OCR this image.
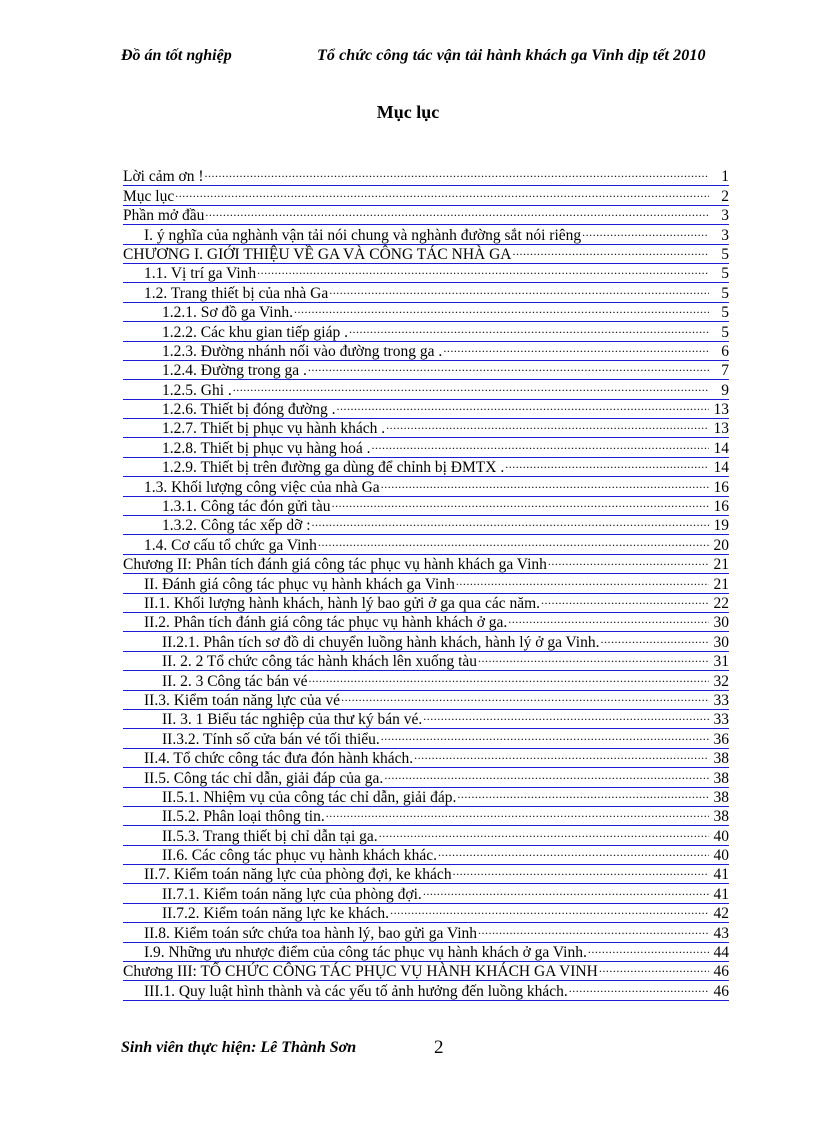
Đồ án tốt nghiệp	Tổ chức công tác vận tải hành khách ga Vinh dịp tết 2010
Mục lục
Lời cảm ơn ! .....	1
Mục lục .....	2
Phần mở đầu .....	3
I. ý nghĩa của nghành vận tải nói chung và nghành đường sắt nói riêng .....	3
CHƯƠNG I. GIỚI THIỆU VỀ GA VÀ CÔNG TÁC NHÀ GA .....	5
1.1. Vị trí ga Vinh .....	5
1.2. Trang thiết bị của nhà Ga .....	5
1.2.1. Sơ đồ ga Vinh. .....	5
1.2.2. Các khu gian tiếp giáp . .....	5
1.2.3. Đường nhánh nối vào đường trong ga . .....	6
1.2.4. Đường trong ga . .....	7
1.2.5. Ghi . .....	9
1.2.6. Thiết bị đóng đường . .....	13
1.2.7. Thiết bị phục vụ hành khách . .....	13
1.2.8. Thiết bị phục vụ hàng hoá . .....	14
1.2.9. Thiết bị trên đường ga dùng để chỉnh bị ĐMTX . .....	14
1.3. Khối lượng công việc của nhà Ga .....	16
1.3.1. Công tác đón gửi tàu .....	16
1.3.2. Công tác xếp dỡ : .....	19
1.4. Cơ cấu tổ chức ga Vinh .....	20
Chương II: Phân tích đánh giá công tác phục vụ hành khách ga Vinh .....	21
II. Đánh giá công tác phục vụ hành khách ga Vinh .....	21
II.1. Khối lượng hành khách, hành lý bao gửi ở ga qua các năm. .....	22
II.2. Phân tích đánh giá công tác phục vụ hành khách ở ga. .....	30
II.2.1. Phân tích sơ đồ di chuyển luồng hành khách, hành lý ở ga Vinh. .....	30
II. 2. 2 Tổ chức công tác hành khách lên xuống tàu .....	31
II. 2. 3 Công tác bán vé .....	32
II.3. Kiểm toán năng lực của vé .....	33
II. 3. 1 Biểu tác nghiệp của thư ký bán vé. .....	33
II.3.2. Tính số cửa bán vé tối thiểu. .....	36
II.4. Tổ chức công tác đưa đón hành khách. .....	38
II.5. Công tác chỉ dẫn, giải đáp của ga. .....	38
II.5.1. Nhiệm vụ của công tác chỉ dẫn, giải đáp. .....	38
II.5.2. Phân loại thông tin. .....	38
II.5.3. Trang thiết bị chỉ dẫn tại ga. .....	40
II.6. Các công tác phục vụ hành khách khác. .....	40
II.7. Kiểm toán năng lực của phòng đợi, ke khách .....	41
II.7.1. Kiểm toán năng lực của phòng đợi. .....	41
II.7.2. Kiểm toán năng lực ke khách. .....	42
II.8. Kiểm toán sức chứa toa hành lý, bao gửi ga Vinh .....	43
I.9. Những ưu nhược điểm của công tác phục vụ hành khách ở ga Vinh. .....	44
Chương III: TỔ CHỨC CÔNG TÁC PHỤC VỤ HÀNH KHÁCH GA VINH .....	46
III.1. Quy luật hình thành và các yếu tố ảnh hưởng đến luồng khách. .....	46
Sinh viên thực hiện: Lê Thành Sơn	2
